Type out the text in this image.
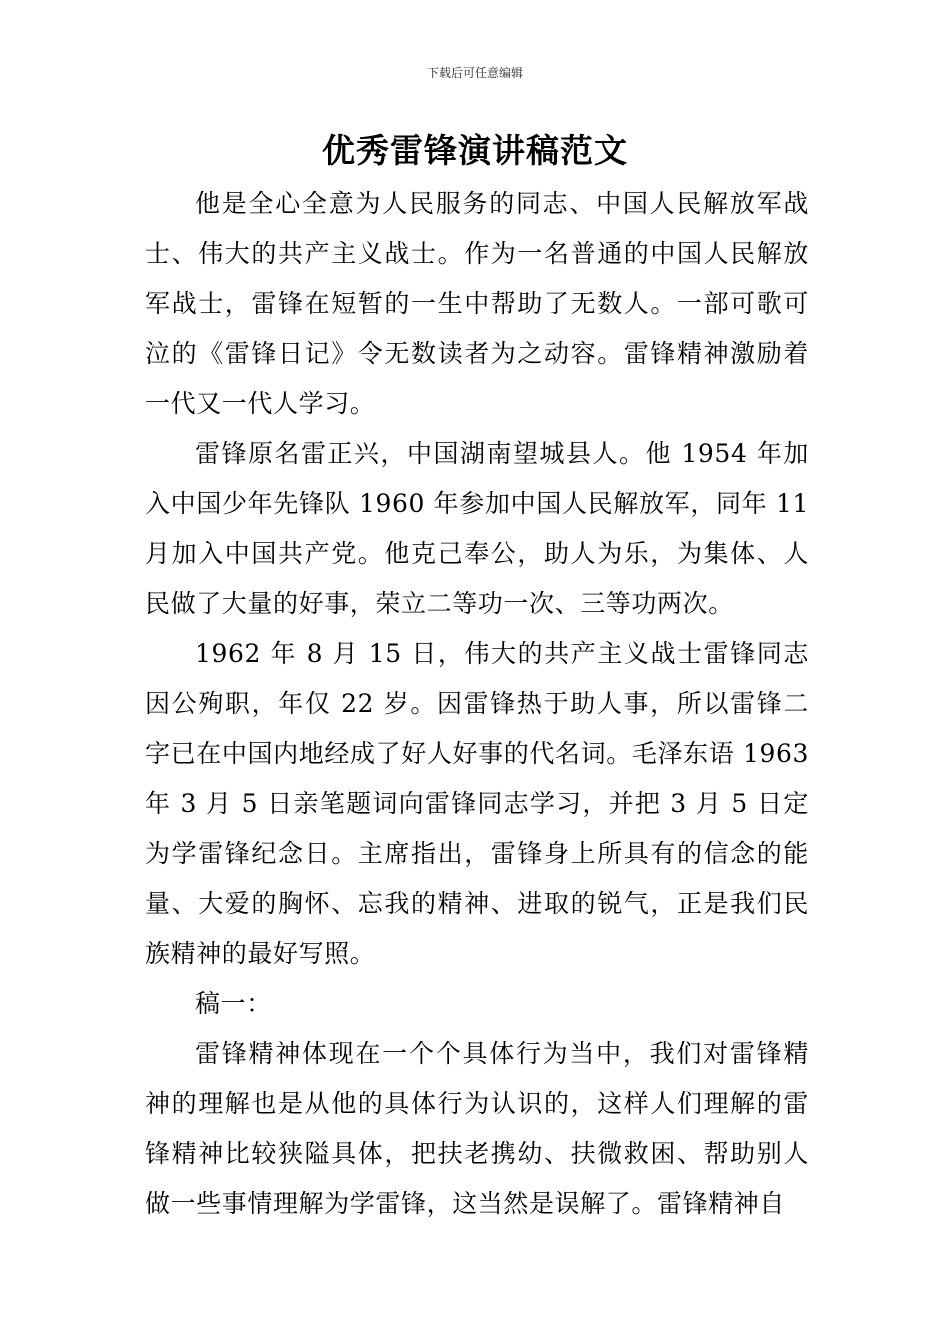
下载后可任意编辑
优秀雷锋演讲稿范文

他是全心全意为人民服务的同志、中国人民解放军战士、伟大的共产主义战士。作为一名普通的中国人民解放军战士，雷锋在短暂的一生中帮助了无数人。一部可歌可泣的《雷锋日记》令无数读者为之动容。雷锋精神激励着一代又一代人学习。

雷锋原名雷正兴，中国湖南望城县人。他 1954 年加入中国少年先锋队 1960 年参加中国人民解放军，同年 11 月加入中国共产党。他克己奉公，助人为乐，为集体、人民做了大量的好事，荣立二等功一次、三等功两次。

1962 年 8 月 15 日，伟大的共产主义战士雷锋同志因公殉职，年仅 22 岁。因雷锋热于助人事，所以雷锋二字已在中国内地经成了好人好事的代名词。毛泽东语 1963 年 3 月 5 日亲笔题词向雷锋同志学习，并把 3 月 5 日定为学雷锋纪念日。主席指出，雷锋身上所具有的信念的能量、大爱的胸怀、忘我的精神、进取的锐气，正是我们民族精神的最好写照。

稿一：

雷锋精神体现在一个个具体行为当中，我们对雷锋精神的理解也是从他的具体行为认识的，这样人们理解的雷锋精神比较狭隘具体，把扶老携幼、扶微救困、帮助别人做一些事情理解为学雷锋，这当然是误解了。雷锋精神自
